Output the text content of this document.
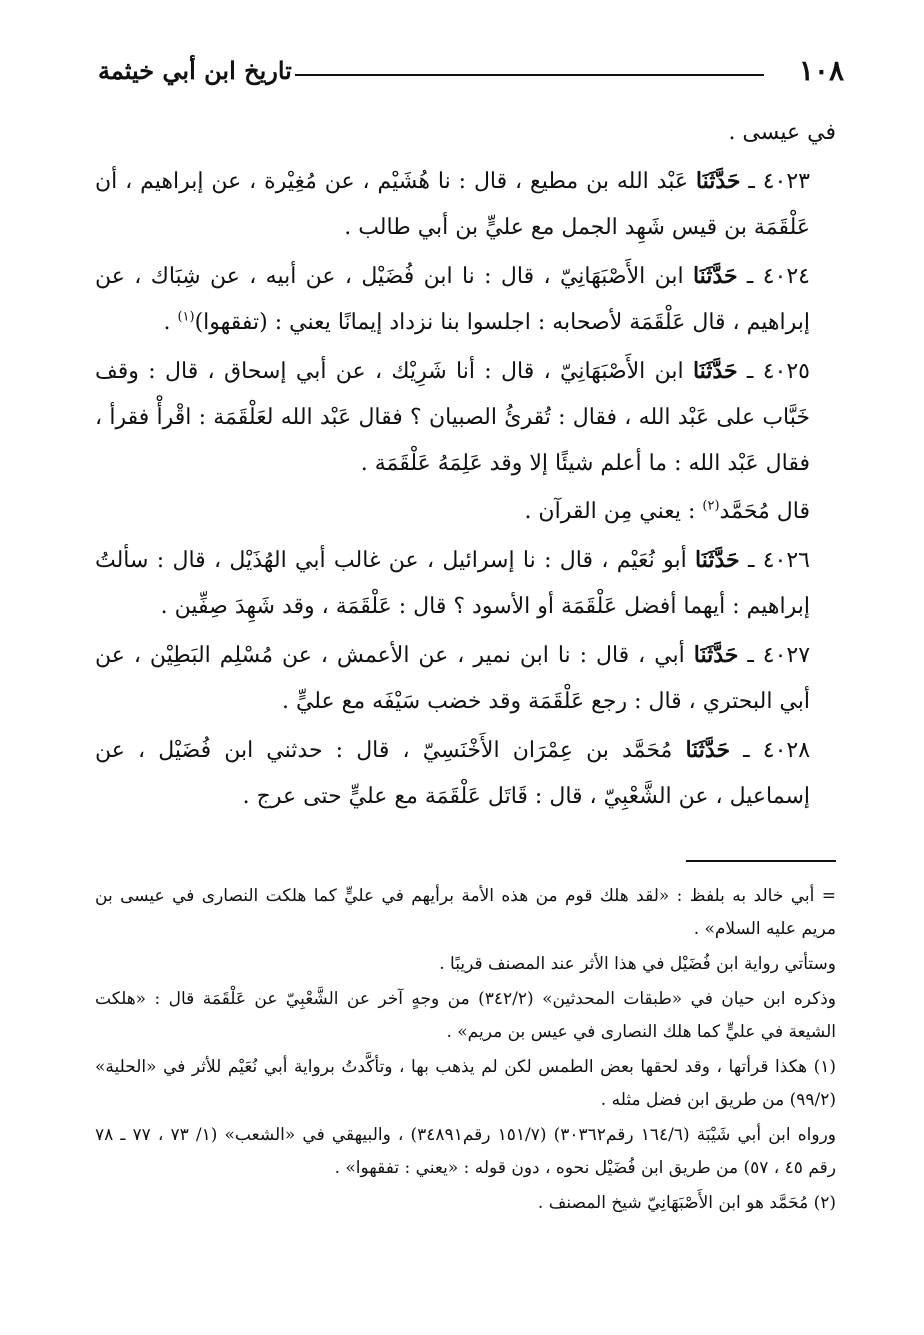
تاريخ ابن أبي خيثمة	١٠٨

في عيسى .

٤٠٢٣ ـ حَدَّثَنَا عَبْد الله بن مطيع ، قال : نا هُشَيْم ، عن مُغِيْرة ، عن إبراهيم ، أن عَلْقَمَة بن قيس شَهِد الجمل مع عليٍّ بن أبي طالب .

٤٠٢٤ ـ حَدَّثَنَا ابن الأَصْبَهَانِيّ ، قال : نا ابن فُضَيْل ، عن أبيه ، عن شِبَاك ، عن إبراهيم ، قال عَلْقَمَة لأصحابه : اجلسوا بنا نزداد إيمانًا يعني : (تفقهوا)$^{(١)}$ .

٤٠٢٥ ـ حَدَّثَنَا ابن الأَصْبَهَانِيّ ، قال : أنا شَرِيْك ، عن أبي إسحاق ، قال : وقف خَبَّاب على عَبْد الله ، فقال : تُقرئُ الصبيان ؟ فقال عَبْد الله لعَلْقَمَة : اقْرأْ فقرأ ، فقال عَبْد الله : ما أعلم شيئًا إلا وقد عَلِمَهُ عَلْقَمَة .

قال مُحَمَّد$^{(٢)}$ : يعني مِن القرآن .

٤٠٢٦ ـ حَدَّثَنَا أبو نُعَيْم ، قال : نا إسرائيل ، عن غالب أبي الهُذَيْل ، قال : سألتُ إبراهيم : أيهما أفضل عَلْقَمَة أو الأسود ؟ قال : عَلْقَمَة ، وقد شَهِدَ صِفِّين .

٤٠٢٧ ـ حَدَّثَنَا أبي ، قال : نا ابن نمير ، عن الأعمش ، عن مُسْلِم البَطِيْن ، عن أبي البحتري ، قال : رجع عَلْقَمَة وقد خضب سَيْفَه مع عليٍّ .

٤٠٢٨ ـ حَدَّثَنَا مُحَمَّد بن عِمْرَان الأَخْنَسِيّ ، قال : حدثني ابن فُضَيْل ، عن إسماعيل ، عن الشَّعْبِيّ ، قال : قَاتَل عَلْقَمَة مع عليٍّ حتى عرج .

= أبي خالد به بلفظ : «لقد هلك قوم من هذه الأمة برأيهم في عليٍّ كما هلكت النصارى في عيسى بن مريم عليه السلام» .

وستأتي رواية ابن فُضَيْل في هذا الأثر عند المصنف قريبًا .

وذكره ابن حيان في «طبقات المحدثين» (٣٤٢/٢) من وجهٍ آخر عن الشَّعْبِيّ عن عَلْقَمَة قال : «هلكت الشيعة في عليٍّ كما هلك النصارى في عيس بن مريم» .

(١) هكذا قرأتها ، وقد لحقها بعض الطمس لكن لم يذهب بها ، وتأكَّدتُ برواية أبي نُعَيْم للأثر في «الحلية» (٩٩/٢) من طريق ابن فضل مثله .

ورواه ابن أبي شَيْبَة (١٦٤/٦ رقم٣٠٣٦٢) (١٥١/٧ رقم٣٤٨٩١) ، والبيهقي في «الشعب» (١/ ٧٣ ، ٧٧ ـ ٧٨ رقم ٤٥ ، ٥٧) من طريق ابن فُضَيْل نحوه ، دون قوله : «يعني : تفقهوا» .

(٢) مُحَمَّد هو ابن الأَصْبَهَانِيّ شيخ المصنف .
